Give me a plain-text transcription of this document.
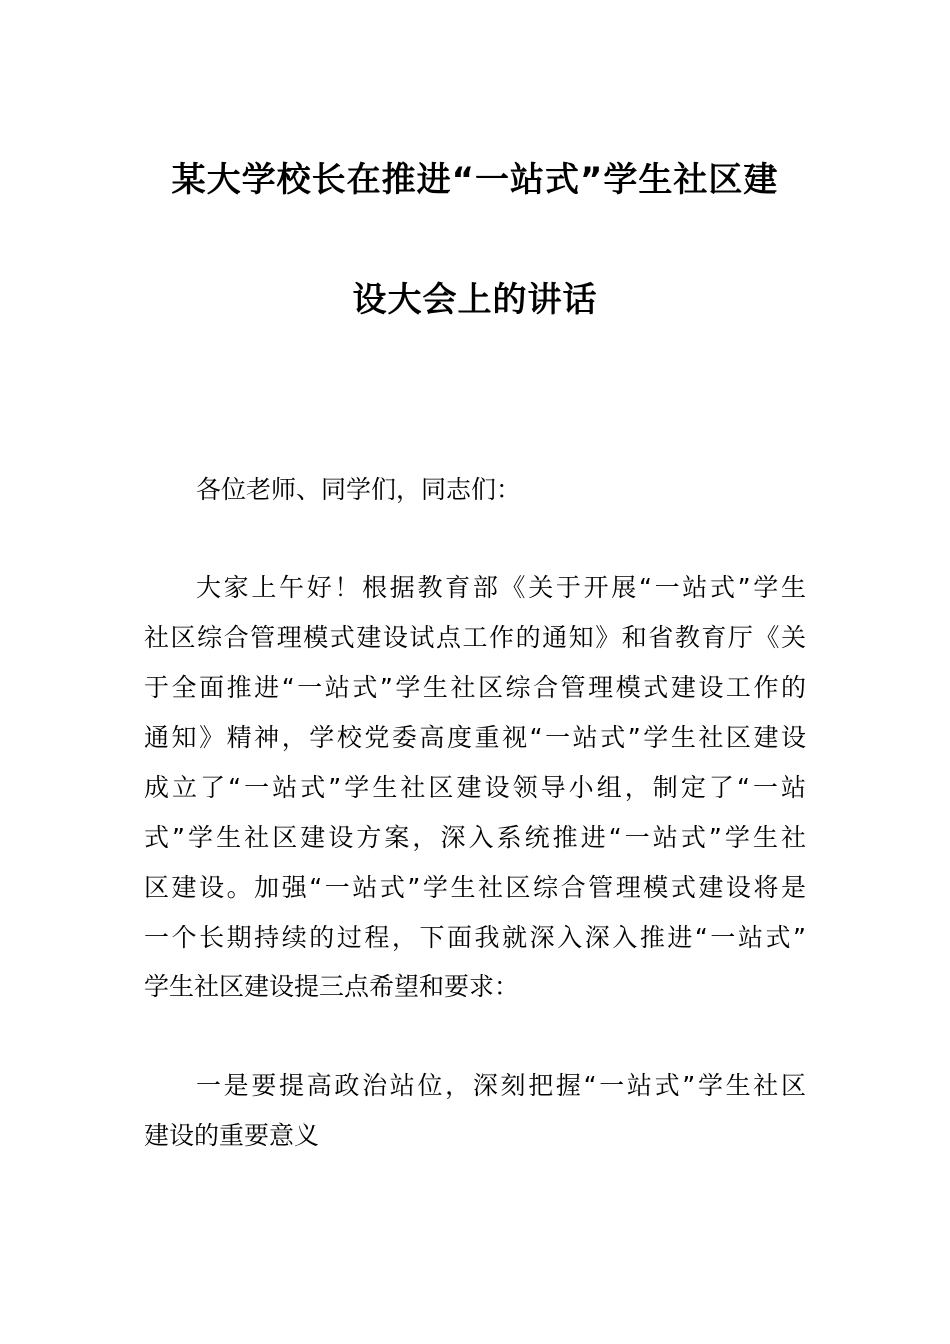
某大学校长在推进“一站式”学生社区建
设大会上的讲话
各位老师、同学们，同志们：
大家上午好！根据教育部《关于开展“一站式”学生
社区综合管理模式建设试点工作的通知》和省教育厅《关
于全面推进“一站式”学生社区综合管理模式建设工作的
通知》精神，学校党委高度重视“一站式”学生社区建设
成立了“一站式”学生社区建设领导小组，制定了“一站
式”学生社区建设方案，深入系统推进“一站式”学生社
区建设。加强“一站式”学生社区综合管理模式建设将是
一个长期持续的过程，下面我就深入深入推进“一站式”
学生社区建设提三点希望和要求：
一是要提高政治站位，深刻把握“一站式”学生社区
建设的重要意义
